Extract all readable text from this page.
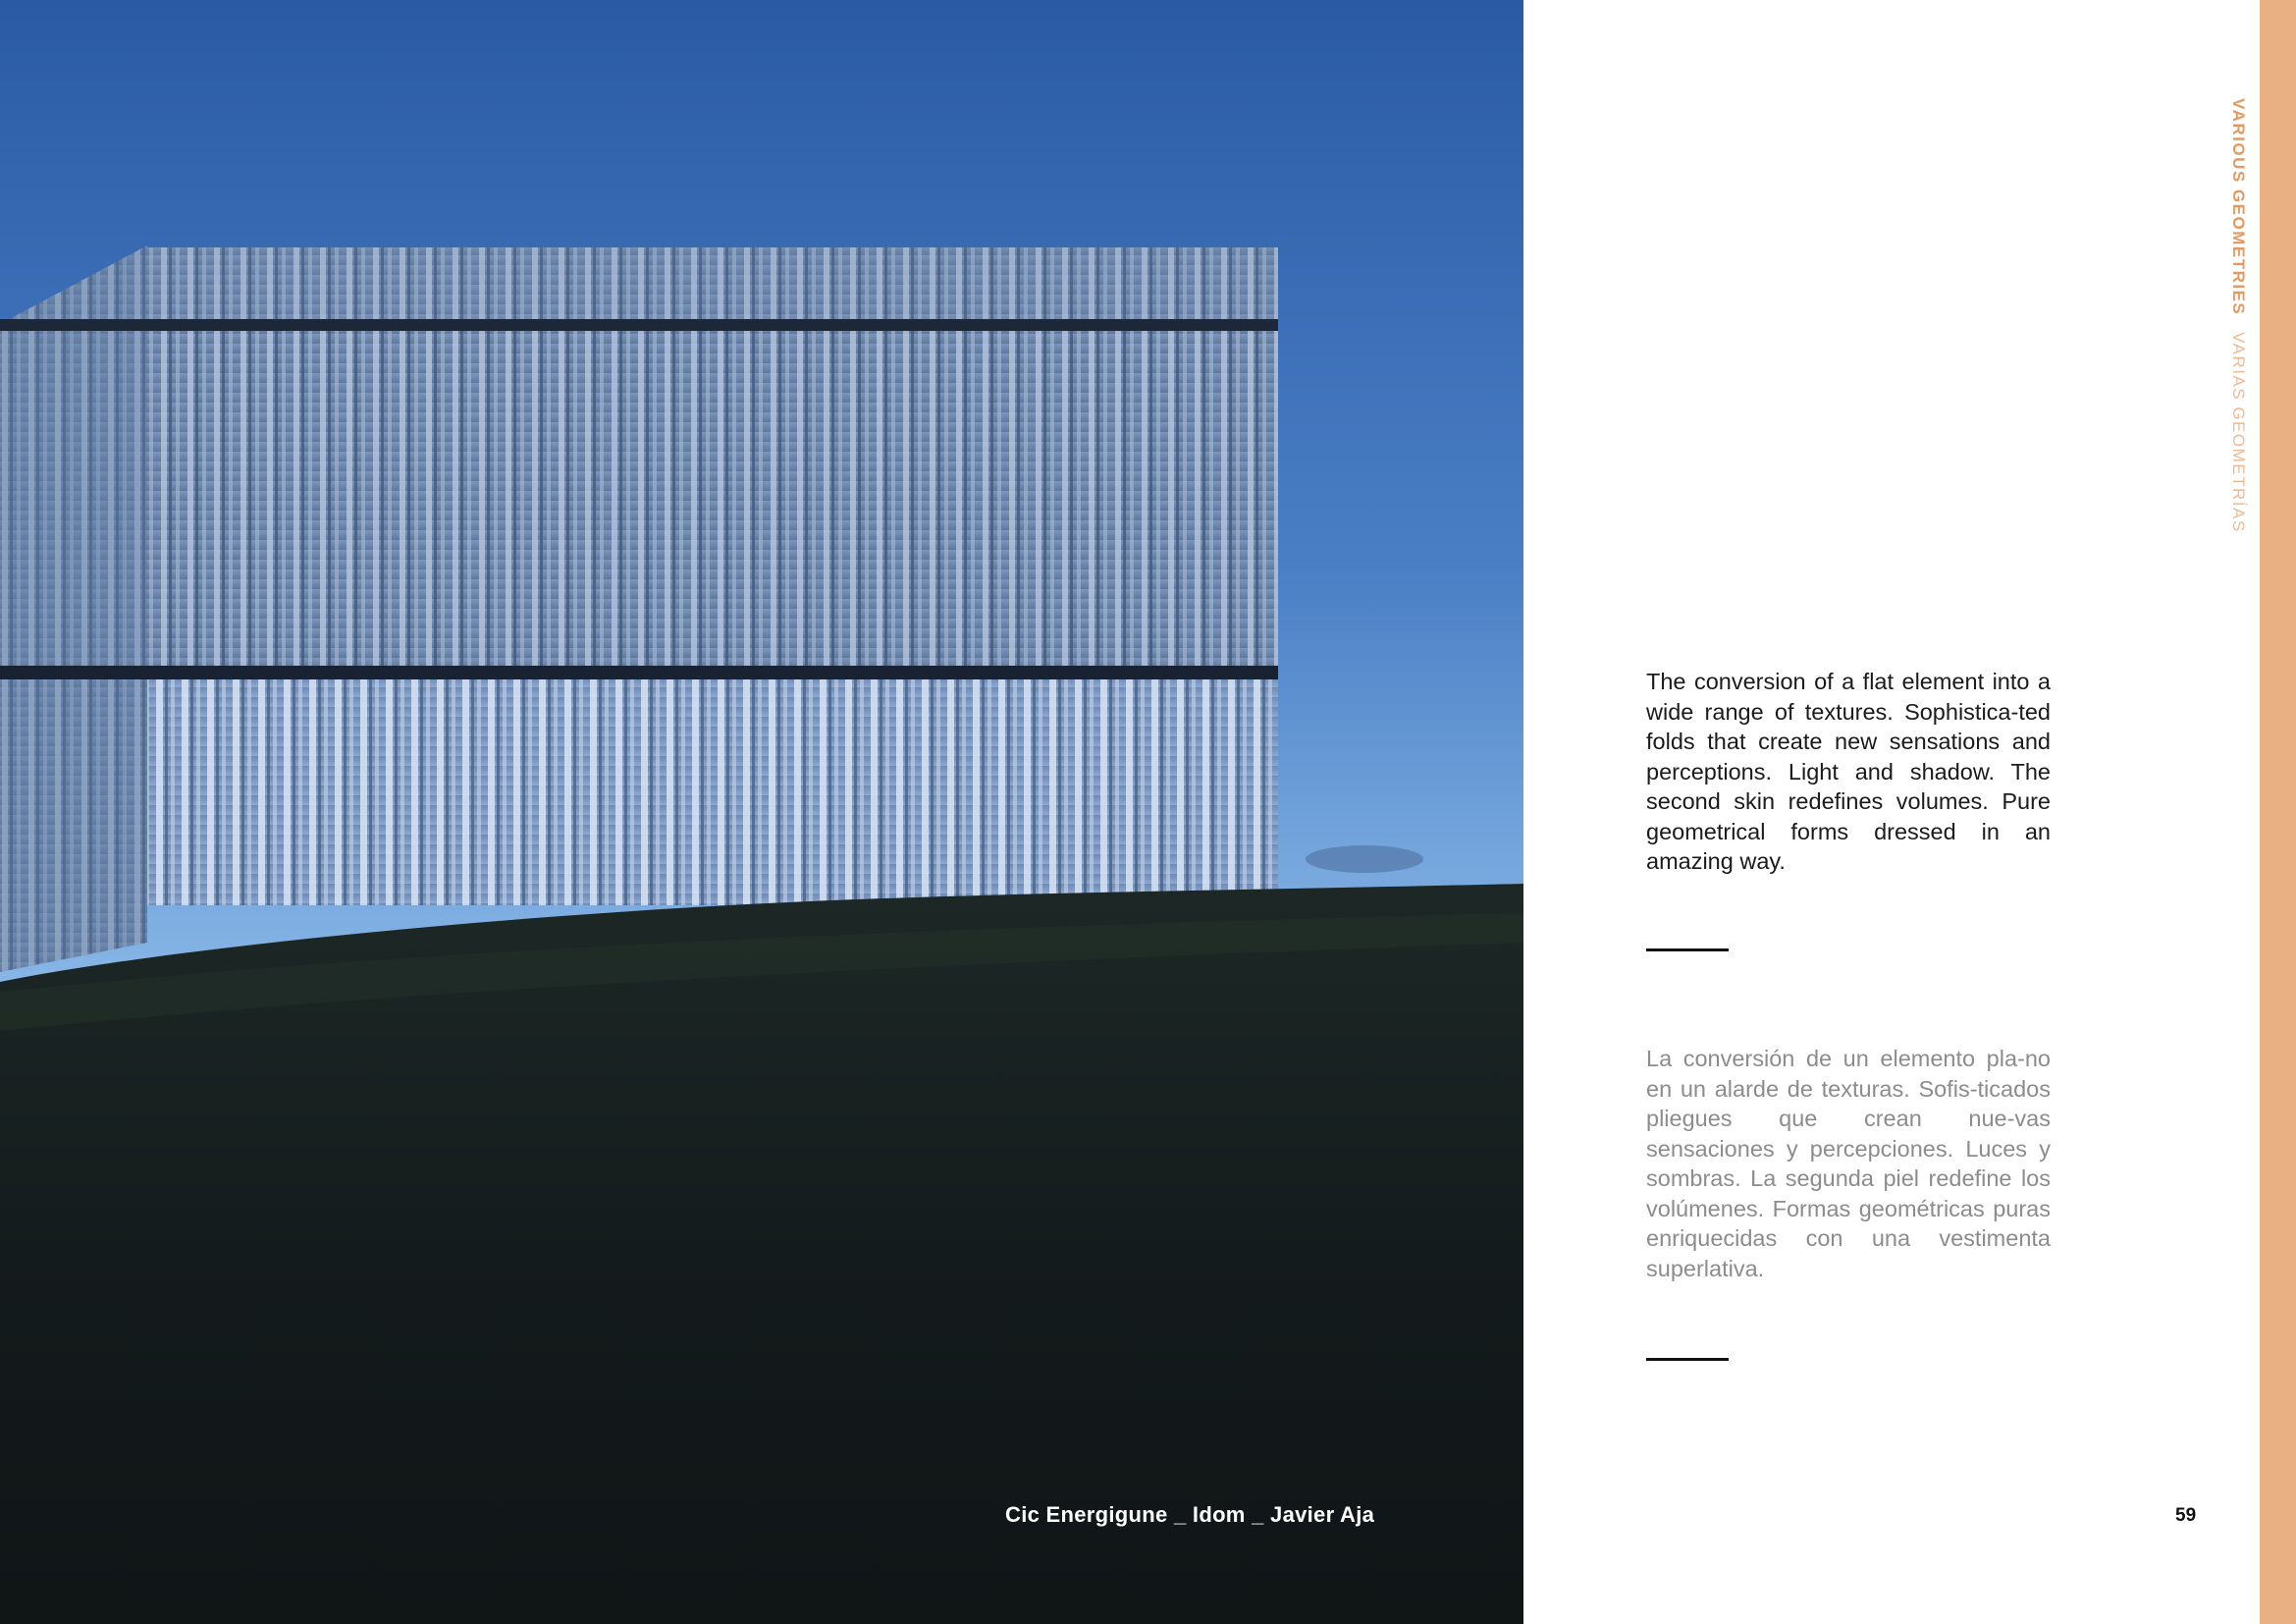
Cic Energigune _ Idom _ Javier Aja
VARIOUS GEOMETRIES VARIAS GEOMETRÍAS

The conversion of a flat element into a wide range of textures. Sophistica-ted folds that create new sensations and perceptions. Light and shadow. The second skin redefines volumes. Pure geometrical forms dressed in an amazing way.

La conversión de un elemento pla-no en un alarde de texturas. Sofis-ticados pliegues que crean nue-vas sensaciones y percepciones. Luces y sombras. La segunda piel redefine los volúmenes. Formas geométricas puras enriquecidas con una vestimenta superlativa.

59
